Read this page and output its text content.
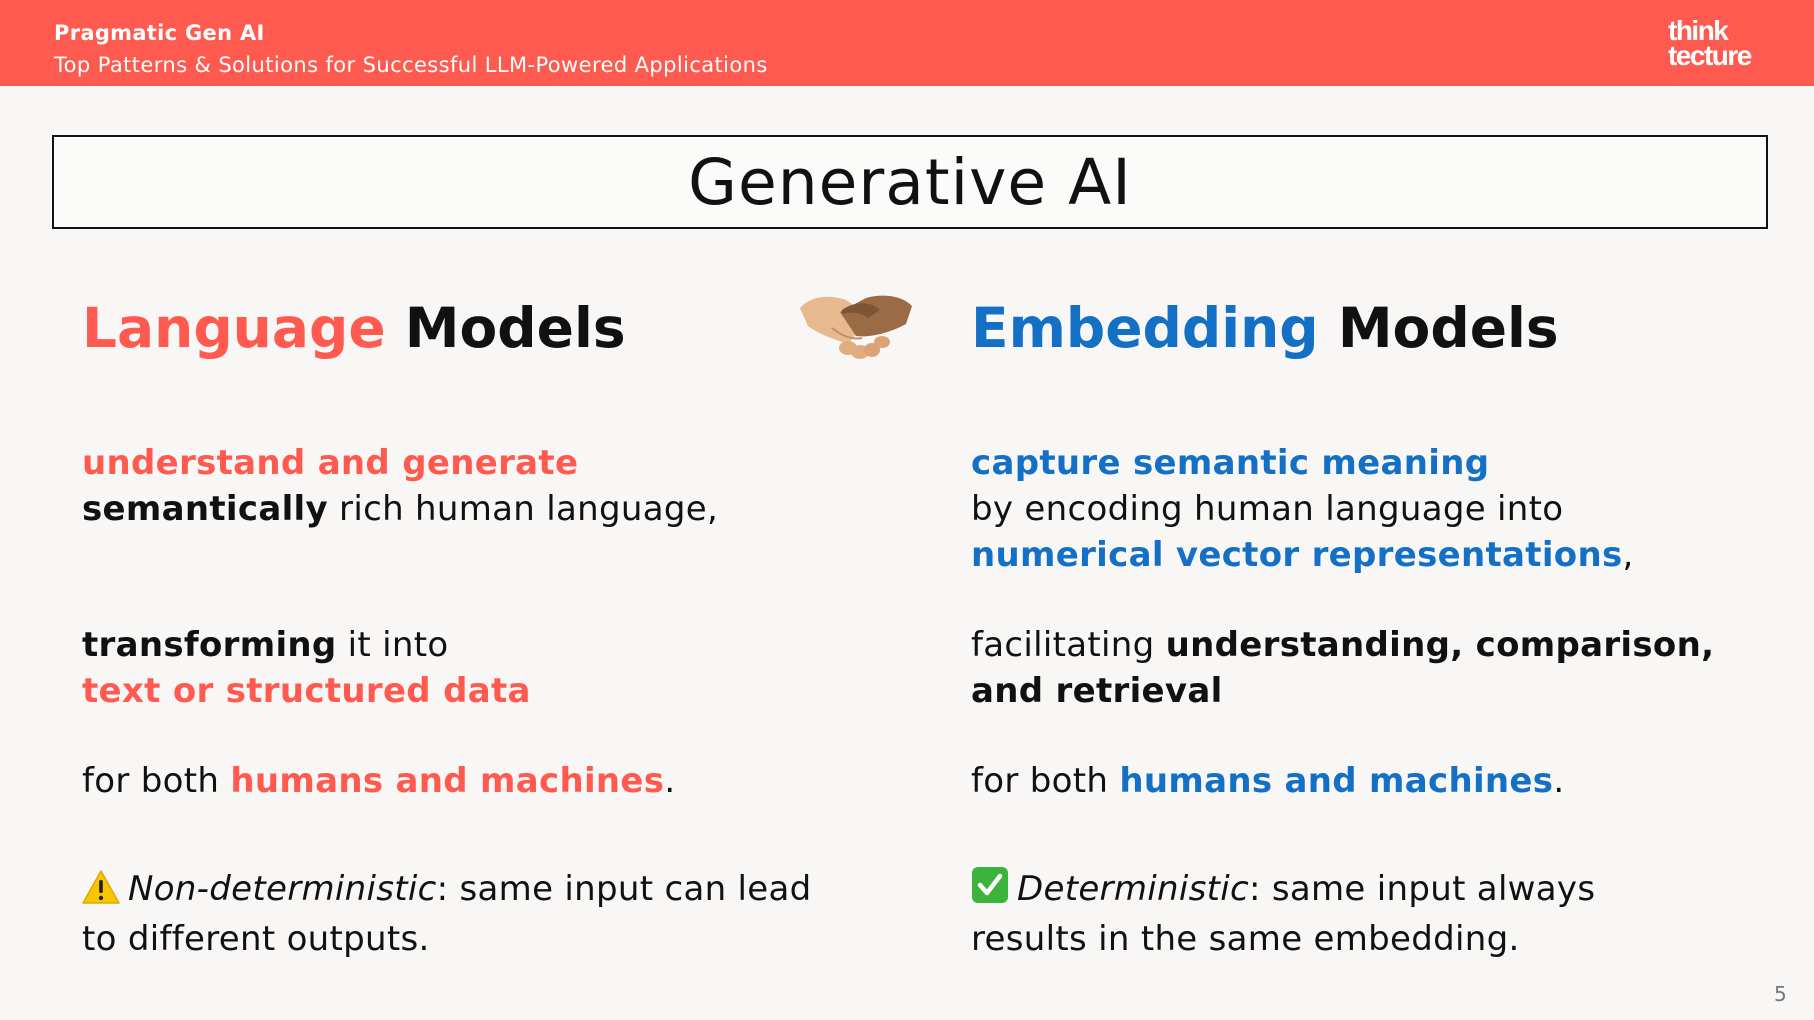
Pragmatic Gen AI
Top Patterns & Solutions for Successful LLM-Powered Applications
think
tecture
Generative AI
Language Models
understand and generate
semantically rich human language,
transforming it into
text or structured data
for both humans and machines.
Non-deterministic: same input can lead
to different outputs.
Embedding Models
capture semantic meaning
by encoding human language into
numerical vector representations,
facilitating understanding, comparison,
and retrieval
for both humans and machines.
Deterministic: same input always
results in the same embedding.
5
